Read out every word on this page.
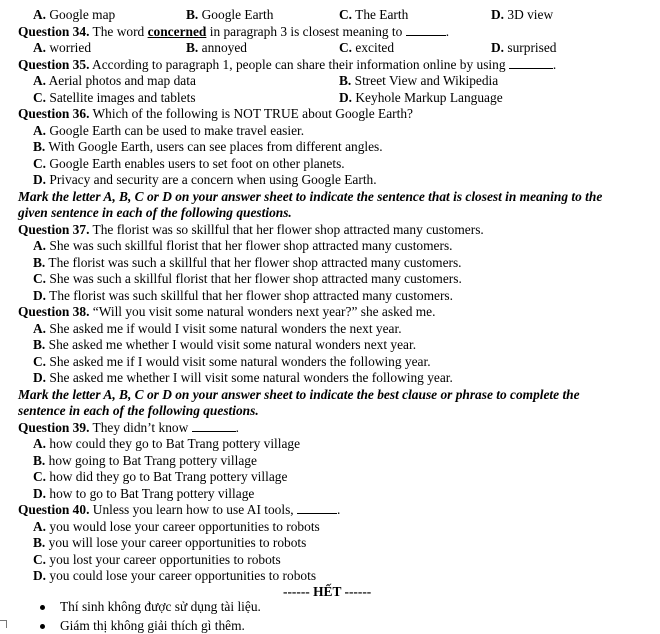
A. Google map	B. Google Earth	C. The Earth	D. 3D view
Question 34. The word concerned in paragraph 3 is closest meaning to	.
A. worried	B. annoyed	C. excited	D. surprised
Question 35. According to paragraph 1, people can share their information online by using	.
A. Aerial photos and map data	B. Street View and Wikipedia
C. Satellite images and tablets	D. Keyhole Markup Language
Question 36. Which of the following is NOT TRUE about Google Earth?
A. Google Earth can be used to make travel easier.
B. With Google Earth, users can see places from different angles.
C. Google Earth enables users to set foot on other planets.
D. Privacy and security are a concern when using Google Earth.
Mark the letter A, B, C or D on your answer sheet to indicate the sentence that is closest in meaning to the
given sentence in each of the following questions.
Question 37. The florist was so skillful that her flower shop attracted many customers.
A. She was such skillful florist that her flower shop attracted many customers.
B. The florist was such a skillful that her flower shop attracted many customers.
C. She was such a skillful florist that her flower shop attracted many customers.
D. The florist was such skillful that her flower shop attracted many customers.
Question 38. “Will you visit some natural wonders next year?” she asked me.
A. She asked me if would I visit some natural wonders the next year.
B. She asked me whether I would visit some natural wonders next year.
C. She asked me if I would visit some natural wonders the following year.
D. She asked me whether I will visit some natural wonders the following year.
Mark the letter A, B, C or D on your answer sheet to indicate the best clause or phrase to complete the
sentence in each of the following questions.
Question 39. They didn’t know	.
A. how could they go to Bat Trang pottery village
B. how going to Bat Trang pottery village
C. how did they go to Bat Trang pottery village
D. how to go to Bat Trang pottery village
Question 40. Unless you learn how to use AI tools,	.
A. you would lose your career opportunities to robots
B. you will lose your career opportunities to robots
C. you lost your career opportunities to robots
D. you could lose your career opportunities to robots
------ HẾT ------
Thí sinh không được sử dụng tài liệu.
Giám thị không giải thích gì thêm.
